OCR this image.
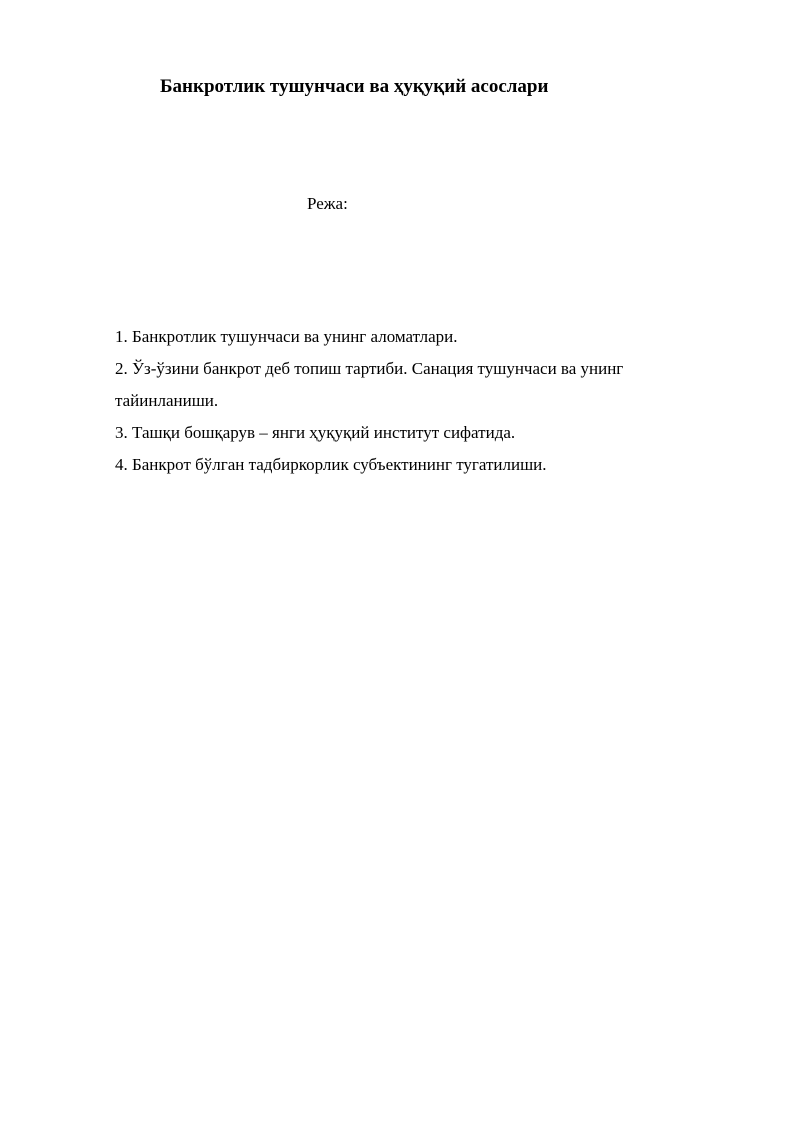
Банкротлик тушунчаси ва ҳуқуқий асослари
Режа:
1. Банкротлик тушунчаси ва унинг аломатлари.
2. Ўз-ўзини банкрот деб топиш тартиби. Санация тушунчаси ва унинг тайинланиши.
3. Ташқи бошқарув – янги ҳуқуқий институт сифатида.
4. Банкрот бўлган тадбиркорлик субъектининг тугатилиши.
